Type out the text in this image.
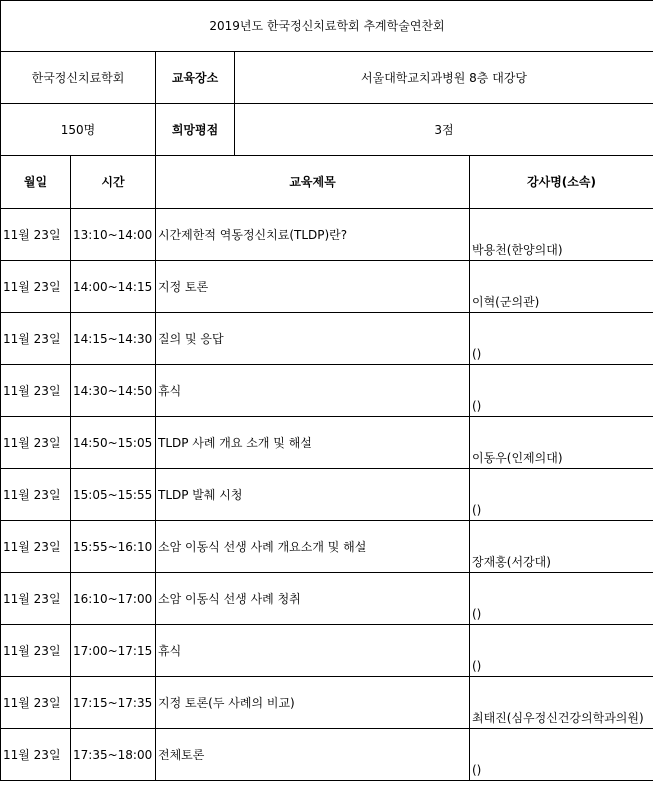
2019년도 한국정신치료학회 추계학술연찬회				
한국정신치료학회		교육장소	서울대학교치과병원 8층 대강당	
150명		희망평점	3점	
월일	시간	교육제목		강사명(소속)
11월 23일	13:10~14:00	시간제한적 역동정신치료(TLDP)란?		박용천(한양의대)

11월 23일	14:00~14:15	지정 토론		이혁(군의관)

11월 23일	14:15~14:30	질의 및 응답		()

11월 23일	14:30~14:50	휴식		()

11월 23일	14:50~15:05	TLDP 사례 개요 소개 및 해설		이동우(인제의대)

11월 23일	15:05~15:55	TLDP 발췌 시청		()

11월 23일	15:55~16:10	소암 이동식 선생 사례 개요소개 및 해설		장재홍(서강대)

11월 23일	16:10~17:00	소암 이동식 선생 사례 청취		()

11월 23일	17:00~17:15	휴식		()

11월 23일	17:15~17:35	지정 토론(두 사례의 비교)		최태진(심우정신건강의학과의원)

11월 23일	17:35~18:00	전체토론		()
